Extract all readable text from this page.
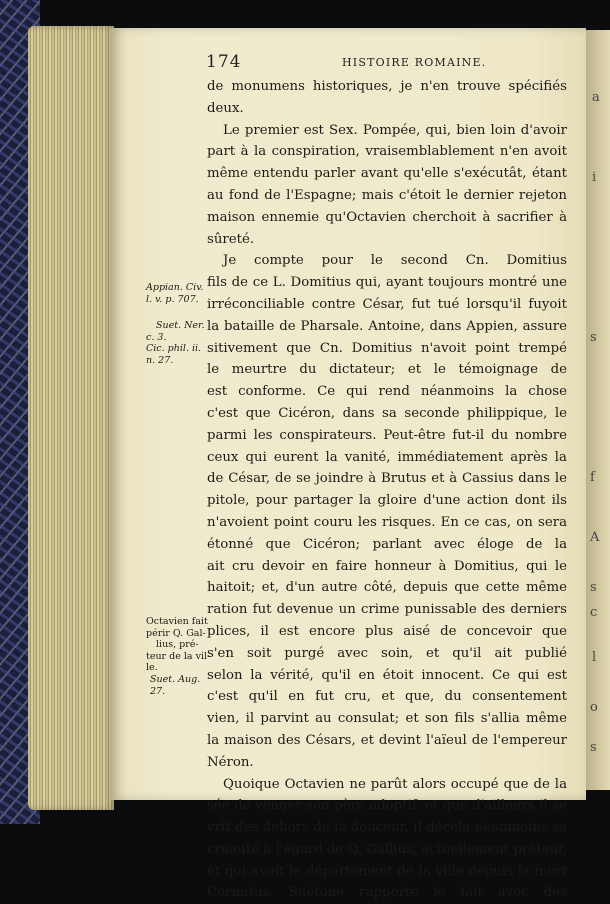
a
i
s
f
A
s
c
l
o
s
174	HISTOIRE ROMAINE.
de monumens historiques, je n'en trouve spécifiés
deux.
Le premier est Sex. Pompée, qui, bien loin d'avoir
part à la conspiration, vraisemblablement n'en avoit
même entendu parler avant qu'elle s'exécutât, étant
au fond de l'Espagne; mais c'étoit le dernier rejeton
maison ennemie qu'Octavien cherchoit à sacrifier à
sûreté.
Je compte pour le second Cn. Domitius
fils de ce L. Domitius qui, ayant toujours montré une
irréconciliable contre César, fut tué lorsqu'il fuyoit
la bataille de Pharsale. Antoine, dans Appien, assure
sitivement que Cn. Domitius n'avoit point trempé
le meurtre du dictateur; et le témoignage de
est conforme. Ce qui rend néanmoins la chose
c'est que Cicéron, dans sa seconde philippique, le
parmi les conspirateurs. Peut-être fut-il du nombre
ceux qui eurent la vanité, immédiatement après la
de César, de se joindre à Brutus et à Cassius dans le
pitole, pour partager la gloire d'une action dont ils
n'avoient point couru les risques. En ce cas, on sera
étonné que Cicéron; parlant avec éloge de la
ait cru devoir en faire honneur à Domitius, qui le
haitoit; et, d'un autre côté, depuis que cette même
ration fut devenue un crime punissable des derniers
plices, il est encore plus aisé de concevoir que
s'en soit purgé avec soin, et qu'il ait publié
selon la vérité, qu'il en étoit innocent. Ce qui est
c'est qu'il en fut cru, et que, du consentement
vien, il parvint au consulat; et son fils s'allia même
la maison des Césars, et devint l'aïeul de l'empereur
Néron.
Quoique Octavien ne parût alors occupé que de la
sée de venger son père adoptif, et que d'ailleurs il se
vrît des dehors de la douceur, il décéla néanmoins sa
cruauté à l'égard de Q. Gallius, actuellement préteur,
et qui avoit le département de la ville depuis la mort
Cornutus. Suétone rapporte le fait avec des
Appian. Civ.
l. v. p. 707.
Suet. Ner.
c. 3.
Cic. phil. ii.
n. 27.
Octavien fait
périr Q. Gal-
lius, pré-
teur de la vil-
le.
Suet. Aug.
27.
